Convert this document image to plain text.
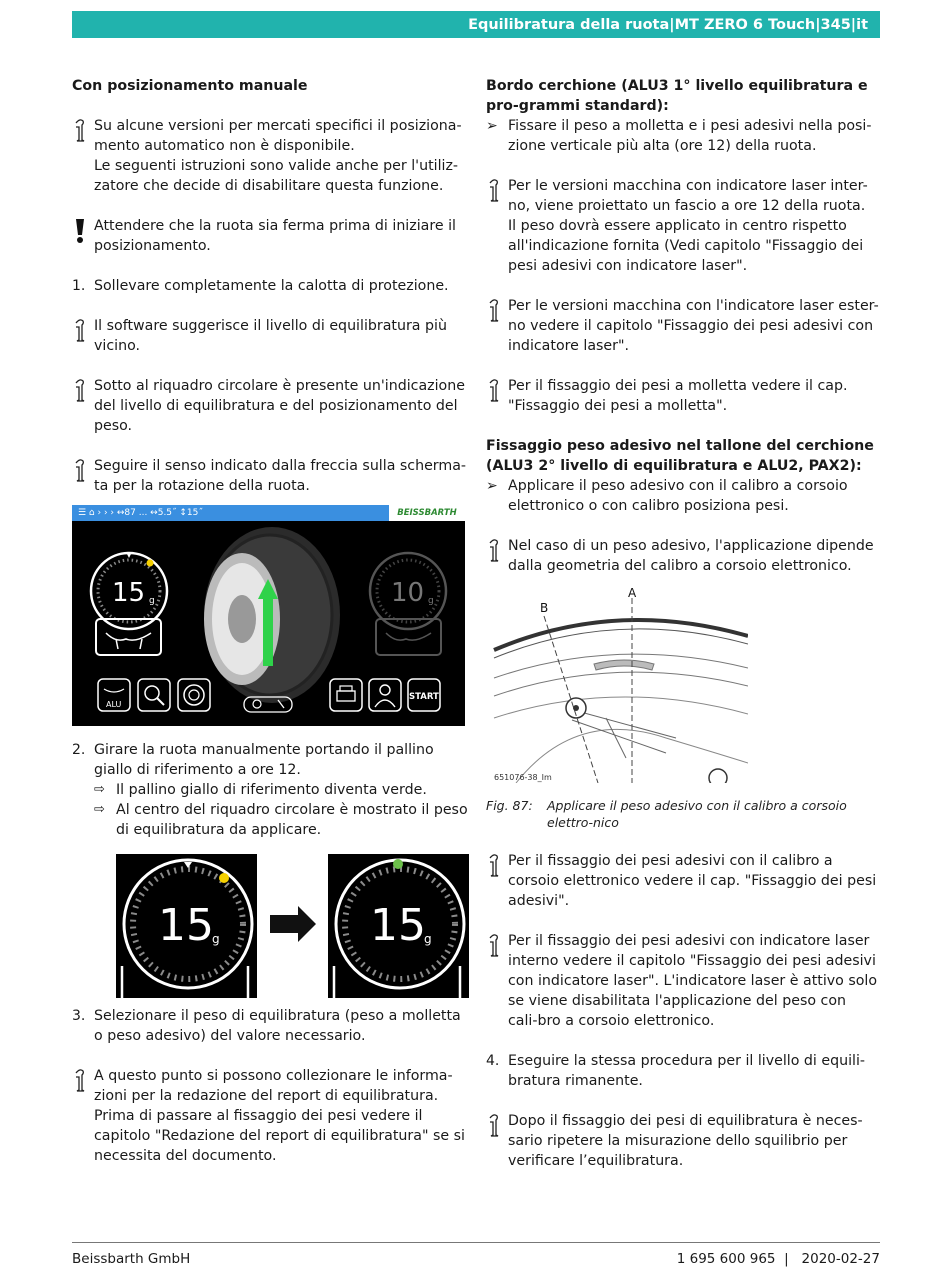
Equilibratura della ruota | MT ZERO 6 Touch | 345 | it
Con posizionamento manuale
Su alcune versioni per mercati specifici il posiziona-mento automatico non è disponibile.
Le seguenti istruzioni sono valide anche per l'utiliz-zatore che decide di disabilitare questa funzione.
Attendere che la ruota sia ferma prima di iniziare il posizionamento.
1. Sollevare completamente la calotta di protezione.
Il software suggerisce il livello di equilibratura più vicino.
Sotto al riquadro circolare è presente un'indicazione del livello di equilibratura e del posizionamento del peso.
Seguire il senso indicato dalla freccia sulla scherma-ta per la rotazione della ruota.
☰ ⌂ › › › ↔87 ... ↔5.5˝ ↕15˝	BEISSBARTH
15 g	10 g
ALU
START
2. Girare la ruota manualmente portando il pallino giallo di riferimento a ore 12.
⇨ Il pallino giallo di riferimento diventa verde.
⇨ Al centro del riquadro circolare è mostrato il peso di equilibratura da applicare.
15
g	15
g
3. Selezionare il peso di equilibratura (peso a molletta o peso adesivo) del valore necessario.
A questo punto si possono collezionare le informa-zioni per la redazione del report di equilibratura.
Prima di passare al fissaggio dei pesi vedere il capitolo "Redazione del report di equilibratura" se si necessita del documento.
Bordo cerchione (ALU3 1° livello equilibratura e pro-grammi standard):
➢ Fissare il peso a molletta e i pesi adesivi nella posi-zione verticale più alta (ore 12) della ruota.
Per le versioni macchina con indicatore laser inter-no, viene proiettato un fascio a ore 12 della ruota.
Il peso dovrà essere applicato in centro rispetto all'indicazione fornita (Vedi capitolo "Fissaggio dei pesi adesivi con indicatore laser".
Per le versioni macchina con l'indicatore laser ester-no vedere il capitolo "Fissaggio dei pesi adesivi con indicatore laser".
Per il fissaggio dei pesi a molletta vedere il cap. "Fissaggio dei pesi a molletta".
Fissaggio peso adesivo nel tallone del cerchione (ALU3 2° livello di equilibratura e ALU2, PAX2):
➢ Applicare il peso adesivo con il calibro a corsoio elettronico o con calibro posiziona pesi.
Nel caso di un peso adesivo, l'applicazione dipende dalla geometria del calibro a corsoio elettronico.
A
B
651076-38_Im
Fig. 87:	Applicare il peso adesivo con il calibro a corsoio elettro-nico
Per il fissaggio dei pesi adesivi con il calibro a corsoio elettronico vedere il cap. "Fissaggio dei pesi adesivi".
Per il fissaggio dei pesi adesivi con indicatore laser interno vedere il capitolo "Fissaggio dei pesi adesivi con indicatore laser". L'indicatore laser è attivo solo se viene disabilitata l'applicazione del peso con cali-bro a corsoio elettronico.
4. Eseguire la stessa procedura per il livello di equili-bratura rimanente.
Dopo il fissaggio dei pesi di equilibratura è neces-sario ripetere la misurazione dello squilibrio per verificare l’equilibratura.
Beissbarth GmbH	1 695 600 965 | 2020-02-27
